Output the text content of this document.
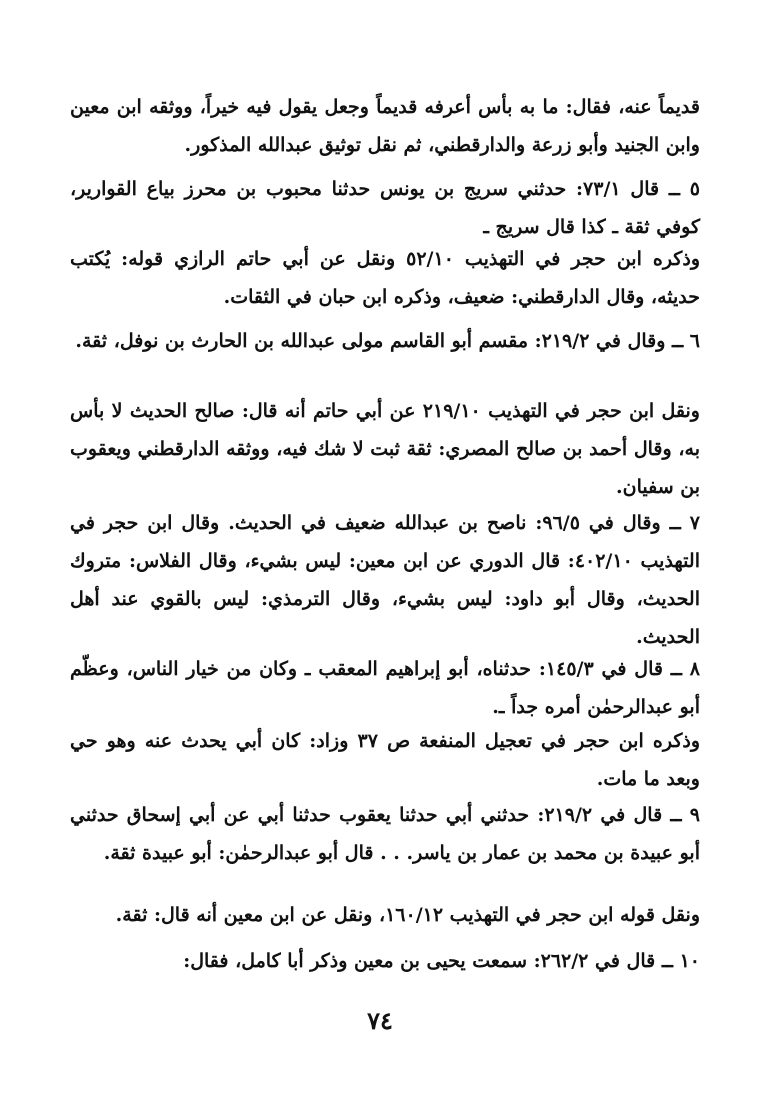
قديماً عنه، فقال: ما به بأس أعرفه قديماً وجعل يقول فيه خيراً، ووثقه ابن معين وابن الجنيد وأبو زرعة والدارقطني، ثم نقل توثيق عبدالله المذكور.

٥ ــ قال ٧٣/١: حدثني سريج بن يونس حدثنا محبوب بن محرز بياع القوارير، كوفي ثقة ـ كذا قال سريج ـ

وذكره ابن حجر في التهذيب ٥٢/١٠ ونقل عن أبي حاتم الرازي قوله: يُكتب حديثه، وقال الدارقطني: ضعيف، وذكره ابن حبان في الثقات.

٦ ــ وقال في ٢١٩/٢: مقسم أبو القاسم مولى عبدالله بن الحارث بن نوفل، ثقة.

ونقل ابن حجر في التهذيب ٢١٩/١٠ عن أبي حاتم أنه قال: صالح الحديث لا بأس به، وقال أحمد بن صالح المصري: ثقة ثبت لا شك فيه، ووثقه الدارقطني ويعقوب بن سفيان.

٧ ــ وقال في ٩٦/٥: ناصح بن عبدالله ضعيف في الحديث. وقال ابن حجر في التهذيب ٤٠٢/١٠: قال الدوري عن ابن معين: ليس بشيء، وقال الفلاس: متروك الحديث، وقال أبو داود: ليس بشيء، وقال الترمذي: ليس بالقوي عند أهل الحديث.

٨ ــ قال في ١٤٥/٣: حدثناه، أبو إبراهيم المعقب ـ وكان من خيار الناس، وعظّم أبو عبدالرحمٰن أمره جداً ـ.

وذكره ابن حجر في تعجيل المنفعة ص ٣٧ وزاد: كان أبي يحدث عنه وهو حي وبعد ما مات.

٩ ــ قال في ٢١٩/٢: حدثني أبي حدثنا يعقوب حدثنا أبي عن أبي إسحاق حدثني أبو عبيدة بن محمد بن عمار بن ياسر. . . قال أبو عبدالرحمٰن: أبو عبيدة ثقة.

ونقل قوله ابن حجر في التهذيب ١٦٠/١٢، ونقل عن ابن معين أنه قال: ثقة.

١٠ ــ قال في ٢٦٢/٢: سمعت يحيى بن معين وذكر أبا كامل، فقال:

٧٤
